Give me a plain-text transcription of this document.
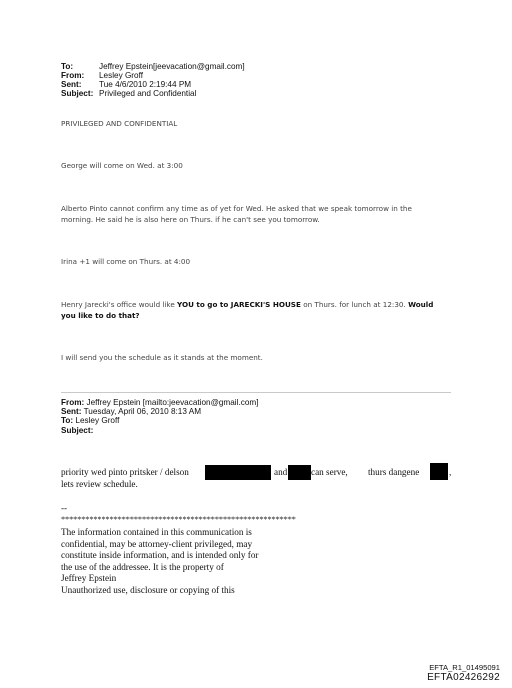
To:	Jeffrey Epstein[jeevacation@gmail.com]
From: Lesley Groff
Sent: Tue 4/6/2010 2:19:44 PM
Subject: Privileged and Confidential
PRIVILEGED AND CONFIDENTIAL
George will come on Wed. at 3:00
Alberto Pinto cannot confirm any time as of yet for Wed. He asked that we speak tomorrow in the
morning. He said he is also here on Thurs. if he can't see you tomorrow.
Irina +1 will come on Thurs. at 4:00
Henry Jarecki's office would like YOU to go to JARECKI'S HOUSE on Thurs. for lunch at 12:30. Would
you like to do that?
I will send you the schedule as it stands at the moment.
From: Jeffrey Epstein [mailto:jeevacation@gmail.com]
Sent: Tuesday, April 06, 2010 8:13 AM
To: Lesley Groff
Subject:
priority wed pinto pritsker / delson	and	can serve, thurs dangene	,
lets review schedule.
--
**********************************************************
The information contained in this communication is
confidential, may be attorney-client privileged, may
constitute inside information, and is intended only for
the use of the addressee. It is the property of
Jeffrey Epstein
Unauthorized use, disclosure or copying of this
EFTA_R1_01495091
EFTA02426292
